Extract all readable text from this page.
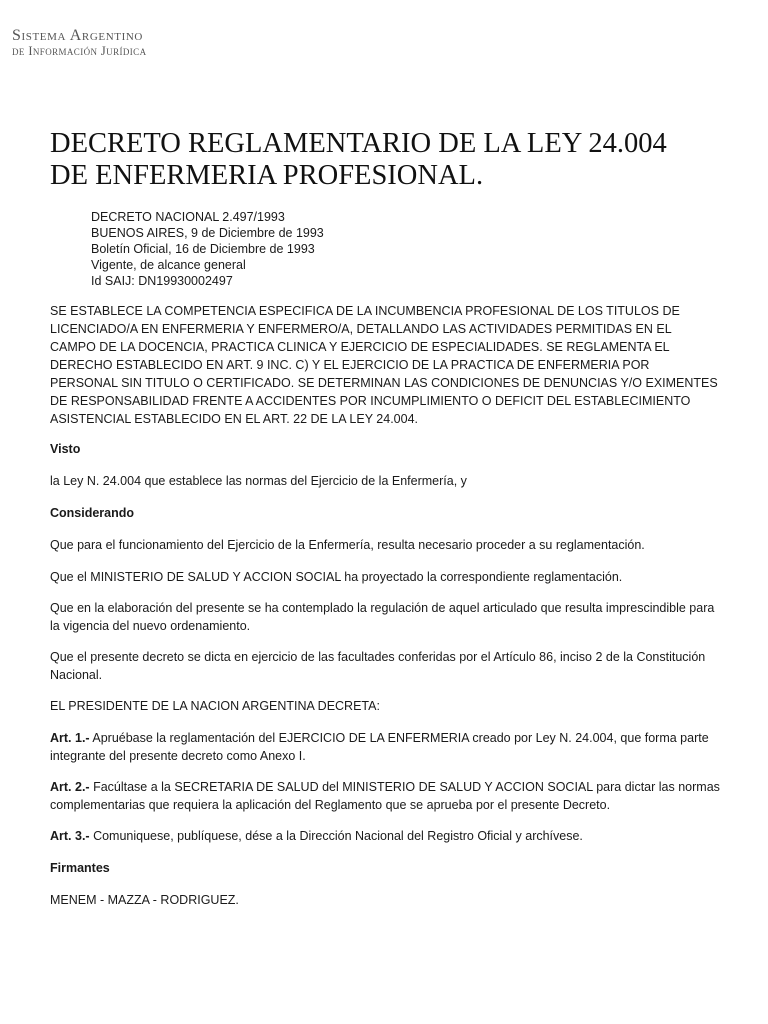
Sistema Argentino
de Información Jurídica
DECRETO REGLAMENTARIO DE LA LEY 24.004
DE ENFERMERIA PROFESIONAL.
DECRETO NACIONAL 2.497/1993
BUENOS AIRES, 9 de Diciembre de 1993
Boletín Oficial, 16 de Diciembre de 1993
Vigente, de alcance general
Id SAIJ: DN19930002497

SE ESTABLECE LA COMPETENCIA ESPECIFICA DE LA INCUMBENCIA PROFESIONAL DE LOS TITULOS DE LICENCIADO/A EN ENFERMERIA Y ENFERMERO/A, DETALLANDO LAS ACTIVIDADES PERMITIDAS EN EL CAMPO DE LA DOCENCIA, PRACTICA CLINICA Y EJERCICIO DE ESPECIALIDADES. SE REGLAMENTA EL DERECHO ESTABLECIDO EN ART. 9 INC. C) Y EL EJERCICIO DE LA PRACTICA DE ENFERMERIA POR PERSONAL SIN TITULO O CERTIFICADO. SE DETERMINAN LAS CONDICIONES DE DENUNCIAS Y/O EXIMENTES DE RESPONSABILIDAD FRENTE A ACCIDENTES POR INCUMPLIMIENTO O DEFICIT DEL ESTABLECIMIENTO ASISTENCIAL ESTABLECIDO EN EL ART. 22 DE LA LEY 24.004.

Visto

la Ley N. 24.004 que establece las normas del Ejercicio de la Enfermería, y

Considerando

Que para el funcionamiento del Ejercicio de la Enfermería, resulta necesario proceder a su reglamentación.

Que el MINISTERIO DE SALUD Y ACCION SOCIAL ha proyectado la correspondiente reglamentación.

Que en la elaboración del presente se ha contemplado la regulación de aquel articulado que resulta imprescindible para la vigencia del nuevo ordenamiento.

Que el presente decreto se dicta en ejercicio de las facultades conferidas por el Artículo 86, inciso 2 de la Constitución Nacional.

EL PRESIDENTE DE LA NACION ARGENTINA DECRETA:

Art. 1.- Apruébase la reglamentación del EJERCICIO DE LA ENFERMERIA creado por Ley N. 24.004, que forma parte integrante del presente decreto como Anexo I.

Art. 2.- Facúltase a la SECRETARIA DE SALUD del MINISTERIO DE SALUD Y ACCION SOCIAL para dictar las normas complementarias que requiera la aplicación del Reglamento que se aprueba por el presente Decreto.

Art. 3.- Comuniquese, publíquese, dése a la Dirección Nacional del Registro Oficial y archívese.

Firmantes

MENEM - MAZZA - RODRIGUEZ.
